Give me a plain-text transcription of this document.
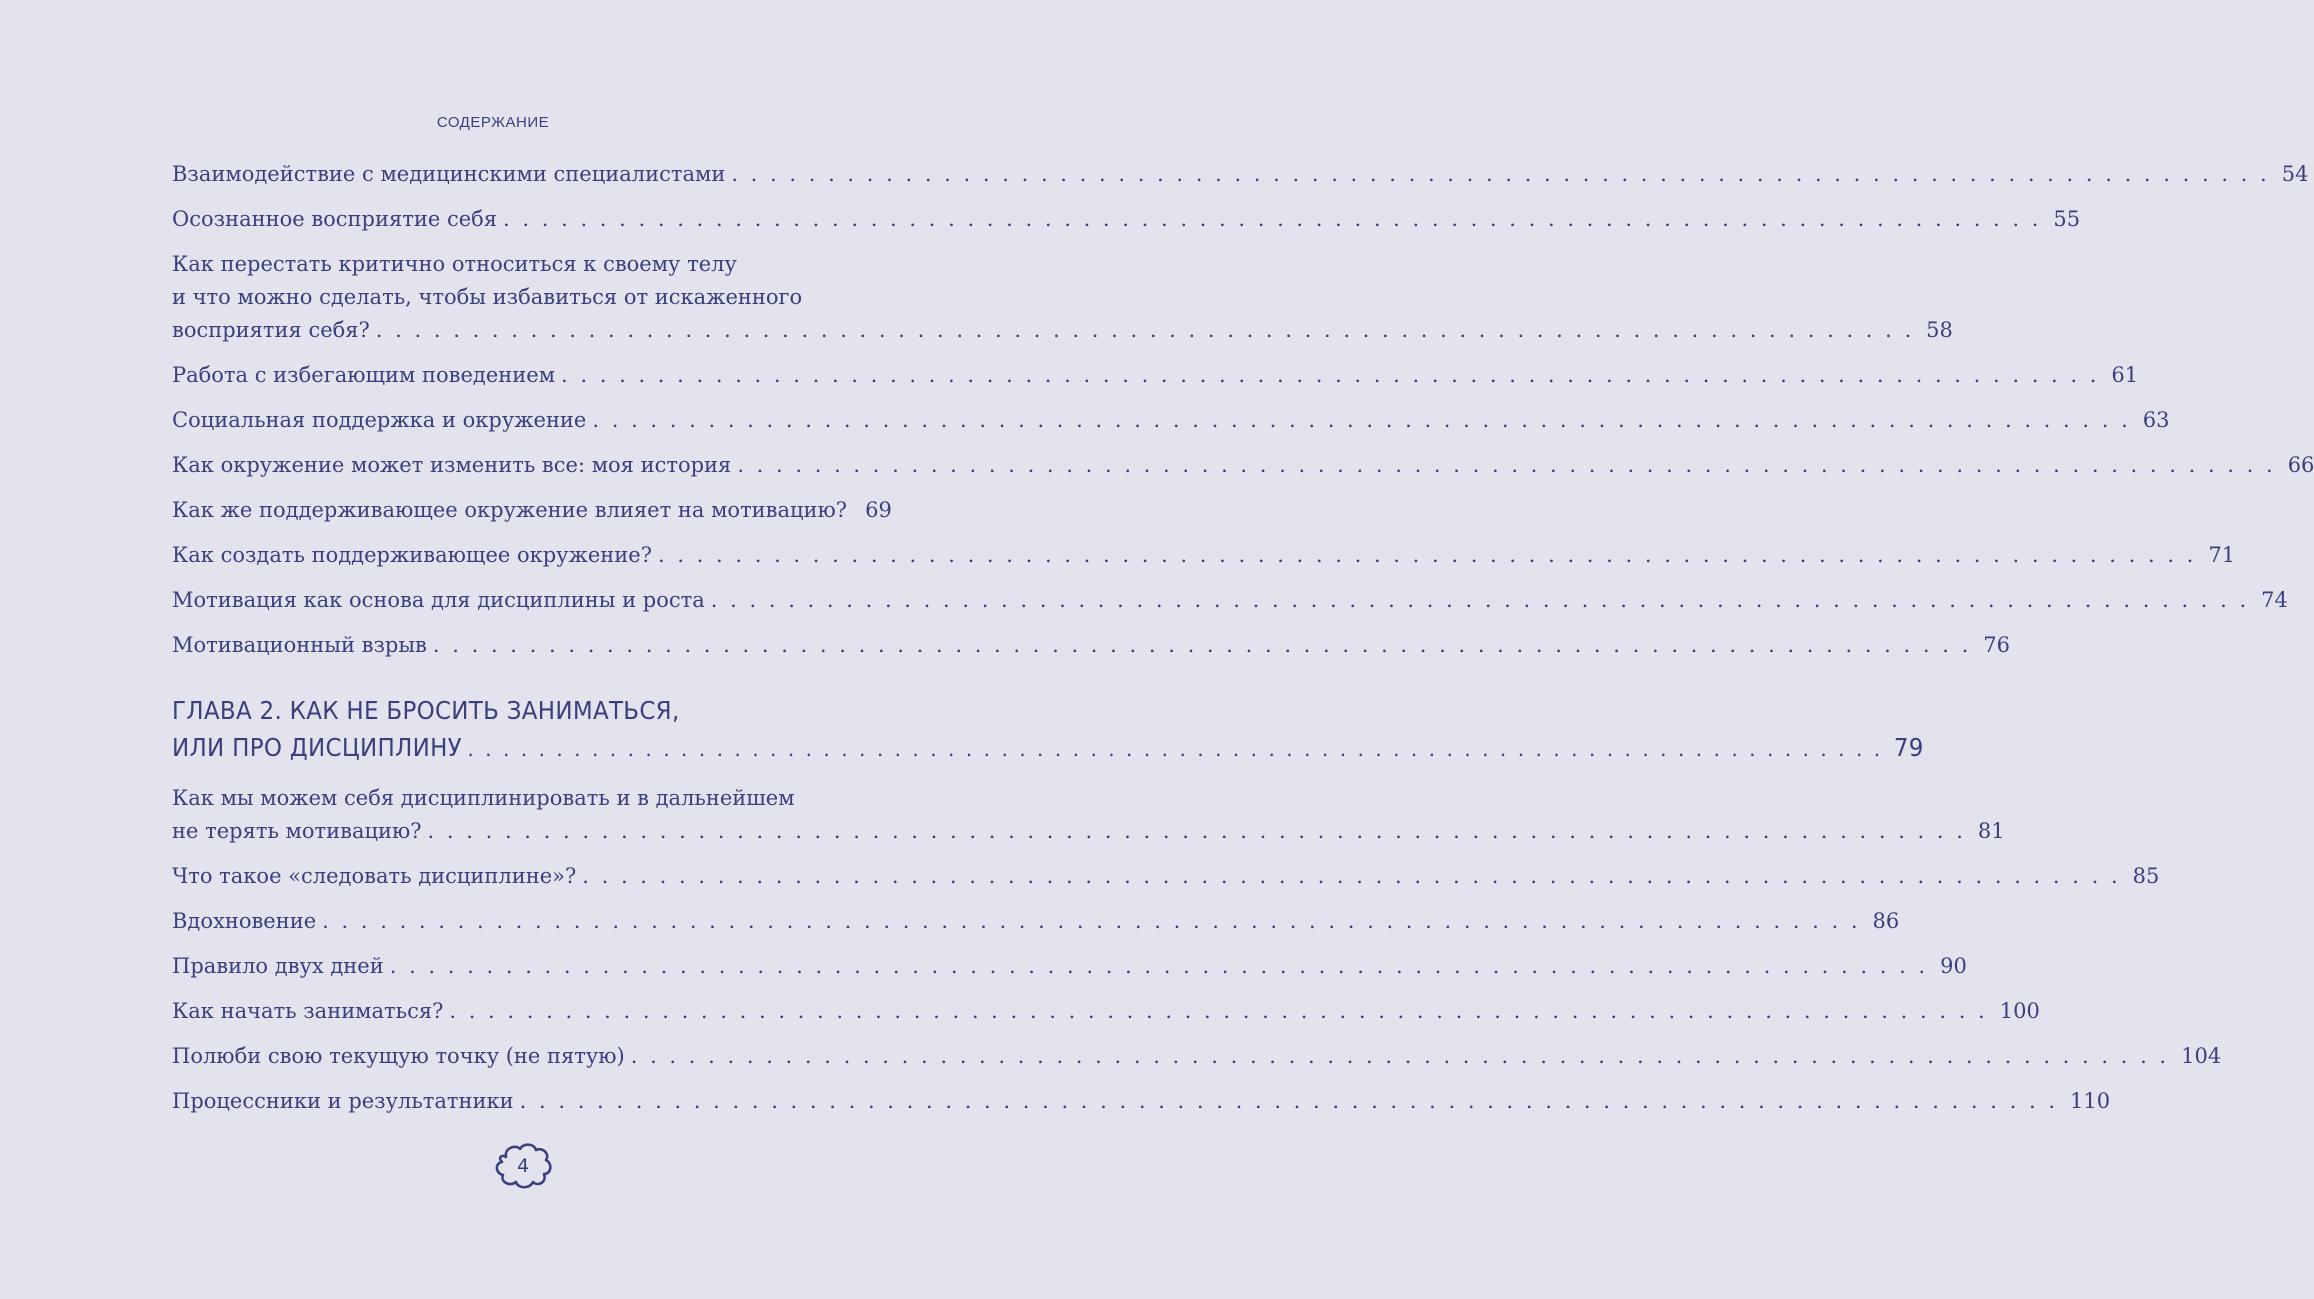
СОДЕРЖАНИЕ
Взаимодействие с медицинскими специалистами . . . . . . . . . . . . . . . . . . . . . . . . . . . . . . . . . . . . . . . . . . . . . . . . . . . . . . . . . . . . . . . . . . . . . . . . . . . . . . . . 54
Осознанное восприятие себя . . . . . . . . . . . . . . . . . . . . . . . . . . . . . . . . . . . . . . . . . . . . . . . . . . . . . . . . . . . . . . . . . . . . . . . . . . . . . . . . 55
Как перестать критично относиться к своему телу
и что можно сделать, чтобы избавиться от искаженного
восприятия себя? . . . . . . . . . . . . . . . . . . . . . . . . . . . . . . . . . . . . . . . . . . . . . . . . . . . . . . . . . . . . . . . . . . . . . . . . . . . . . . . . 58
Работа с избегающим поведением . . . . . . . . . . . . . . . . . . . . . . . . . . . . . . . . . . . . . . . . . . . . . . . . . . . . . . . . . . . . . . . . . . . . . . . . . . . . . . . . 61
Социальная поддержка и окружение . . . . . . . . . . . . . . . . . . . . . . . . . . . . . . . . . . . . . . . . . . . . . . . . . . . . . . . . . . . . . . . . . . . . . . . . . . . . . . . . 63
Как окружение может изменить все: моя история . . . . . . . . . . . . . . . . . . . . . . . . . . . . . . . . . . . . . . . . . . . . . . . . . . . . . . . . . . . . . . . . . . . . . . . . . . . . . . . . 66
Как же поддерживающее окружение влияет на мотивацию? 69
Как создать поддерживающее окружение? . . . . . . . . . . . . . . . . . . . . . . . . . . . . . . . . . . . . . . . . . . . . . . . . . . . . . . . . . . . . . . . . . . . . . . . . . . . . . . . . 71
Мотивация как основа для дисциплины и роста . . . . . . . . . . . . . . . . . . . . . . . . . . . . . . . . . . . . . . . . . . . . . . . . . . . . . . . . . . . . . . . . . . . . . . . . . . . . . . . . 74
Мотивационный взрыв . . . . . . . . . . . . . . . . . . . . . . . . . . . . . . . . . . . . . . . . . . . . . . . . . . . . . . . . . . . . . . . . . . . . . . . . . . . . . . . . 76
ГЛАВА 2. КАК НЕ БРОСИТЬ ЗАНИМАТЬСЯ,
ИЛИ ПРО ДИСЦИПЛИНУ . . . . . . . . . . . . . . . . . . . . . . . . . . . . . . . . . . . . . . . . . . . . . . . . . . . . . . . . . . . . . . . . . . . . . . . . . . . . . . . . 79
Как мы можем себя дисциплинировать и в дальнейшем
не терять мотивацию? . . . . . . . . . . . . . . . . . . . . . . . . . . . . . . . . . . . . . . . . . . . . . . . . . . . . . . . . . . . . . . . . . . . . . . . . . . . . . . . . 81
Что такое «следовать дисциплине»? . . . . . . . . . . . . . . . . . . . . . . . . . . . . . . . . . . . . . . . . . . . . . . . . . . . . . . . . . . . . . . . . . . . . . . . . . . . . . . . . 85
Вдохновение . . . . . . . . . . . . . . . . . . . . . . . . . . . . . . . . . . . . . . . . . . . . . . . . . . . . . . . . . . . . . . . . . . . . . . . . . . . . . . . . 86
Правило двух дней . . . . . . . . . . . . . . . . . . . . . . . . . . . . . . . . . . . . . . . . . . . . . . . . . . . . . . . . . . . . . . . . . . . . . . . . . . . . . . . . 90
Как начать заниматься? . . . . . . . . . . . . . . . . . . . . . . . . . . . . . . . . . . . . . . . . . . . . . . . . . . . . . . . . . . . . . . . . . . . . . . . . . . . . . . . . 100
Полюби свою текущую точку (не пятую) . . . . . . . . . . . . . . . . . . . . . . . . . . . . . . . . . . . . . . . . . . . . . . . . . . . . . . . . . . . . . . . . . . . . . . . . . . . . . . . . 104
Процессники и результатники . . . . . . . . . . . . . . . . . . . . . . . . . . . . . . . . . . . . . . . . . . . . . . . . . . . . . . . . . . . . . . . . . . . . . . . . . . . . . . . . 110
4
